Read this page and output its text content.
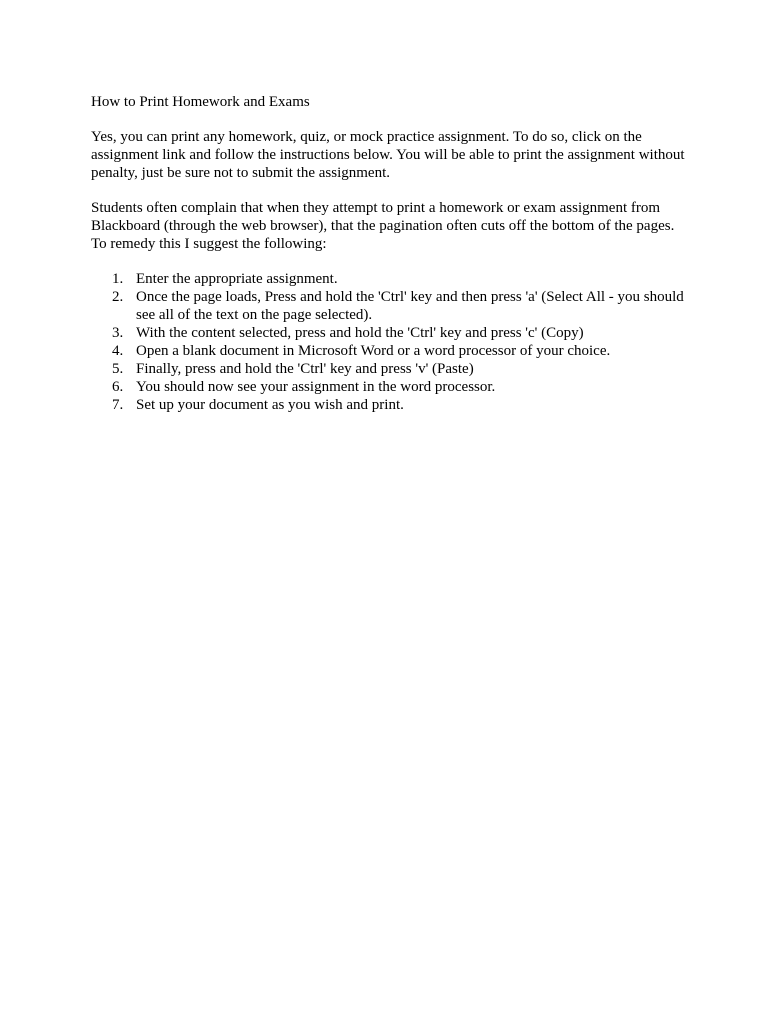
How to Print Homework and Exams

Yes, you can print any homework, quiz, or mock practice assignment. To do so, click on the assignment link and follow the instructions below. You will be able to print the assignment without penalty, just be sure not to submit the assignment.

Students often complain that when they attempt to print a homework or exam assignment from Blackboard (through the web browser), that the pagination often cuts off the bottom of the pages. To remedy this I suggest the following:

1. Enter the appropriate assignment.
2. Once the page loads, Press and hold the 'Ctrl' key and then press 'a' (Select All - you should see all of the text on the page selected).
3. With the content selected, press and hold the 'Ctrl' key and press 'c' (Copy)
4. Open a blank document in Microsoft Word or a word processor of your choice.
5. Finally, press and hold the 'Ctrl' key and press 'v' (Paste)
6. You should now see your assignment in the word processor.
7. Set up your document as you wish and print.
